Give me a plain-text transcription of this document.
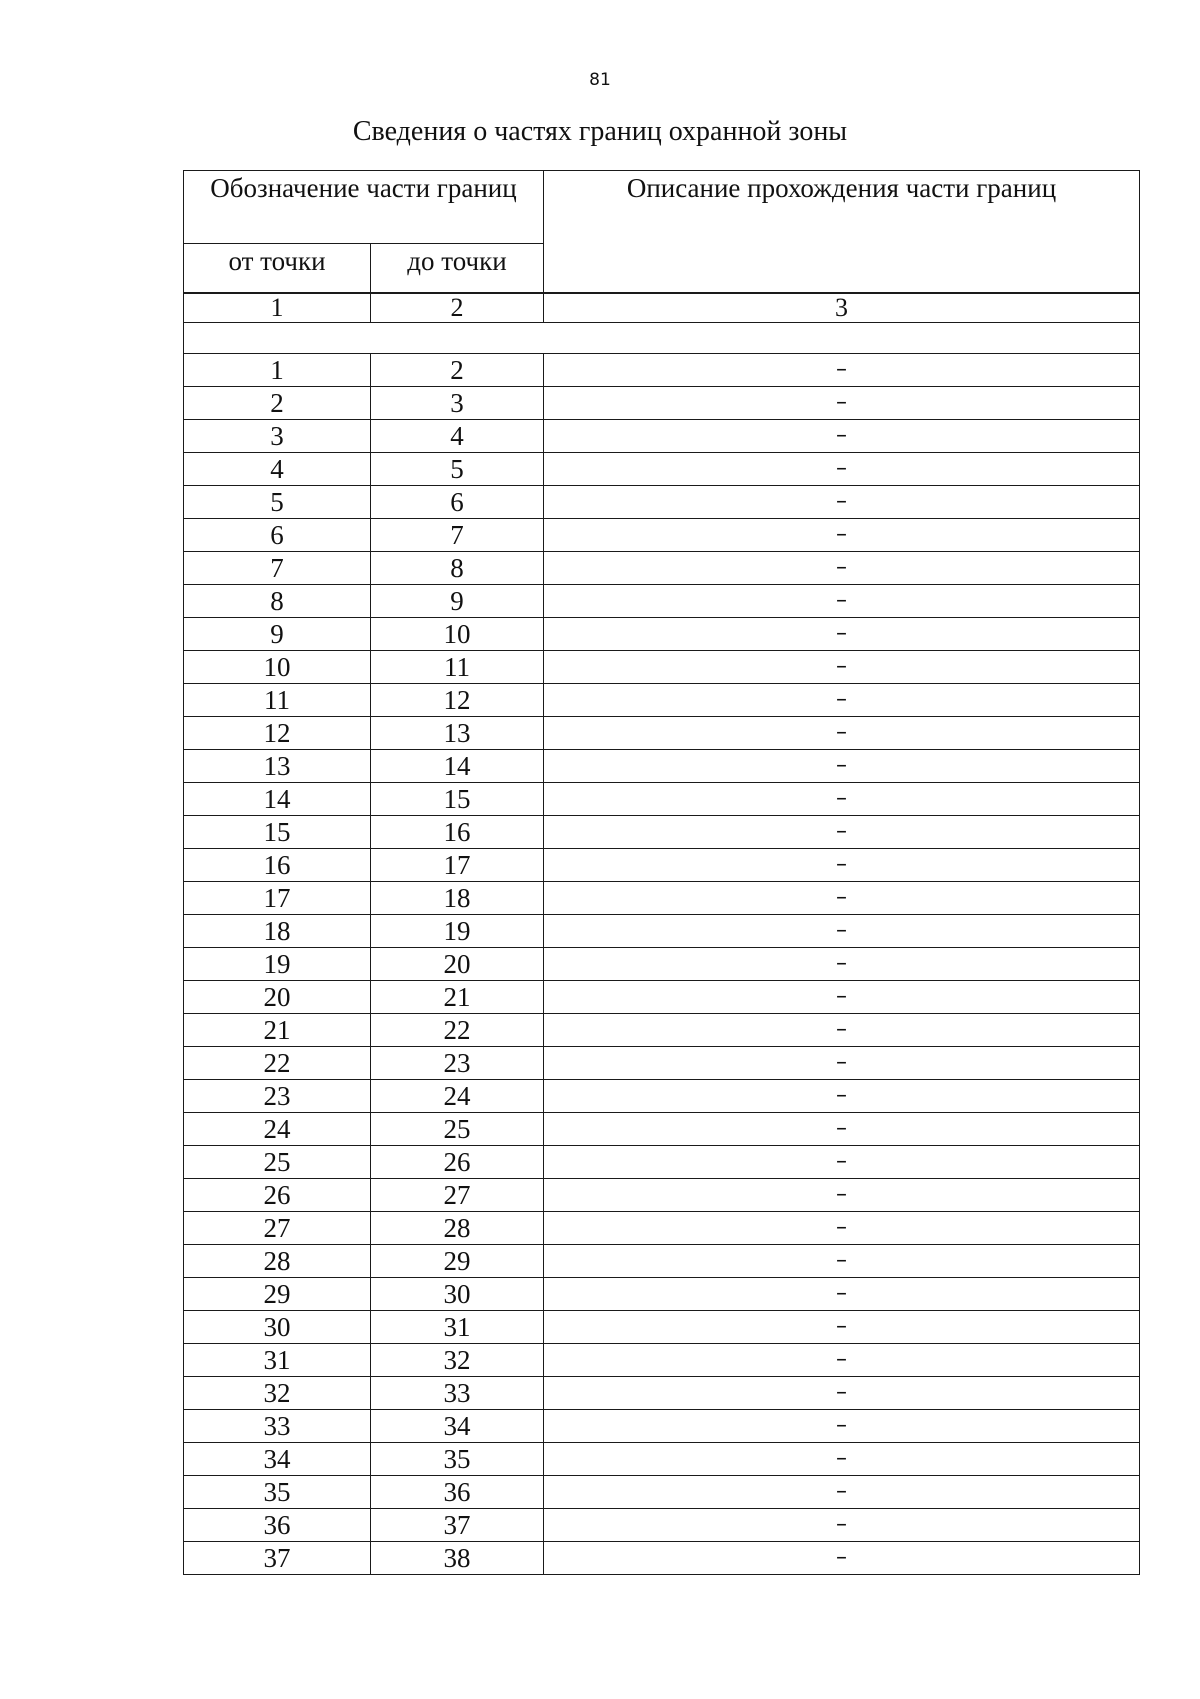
81
Сведения о частях границ охранной зоны
Обозначение части границ		Описание прохождения части границ
от точки	до точки	
1	2	3

1	2	–
2	3	–
3	4	–
4	5	–
5	6	–
6	7	–
7	8	–
8	9	–
9	10	–
10	11	–
11	12	–
12	13	–
13	14	–
14	15	–
15	16	–
16	17	–
17	18	–
18	19	–
19	20	–
20	21	–
21	22	–
22	23	–
23	24	–
24	25	–
25	26	–
26	27	–
27	28	–
28	29	–
29	30	–
30	31	–
31	32	–
32	33	–
33	34	–
34	35	–
35	36	–
36	37	–
37	38	–
